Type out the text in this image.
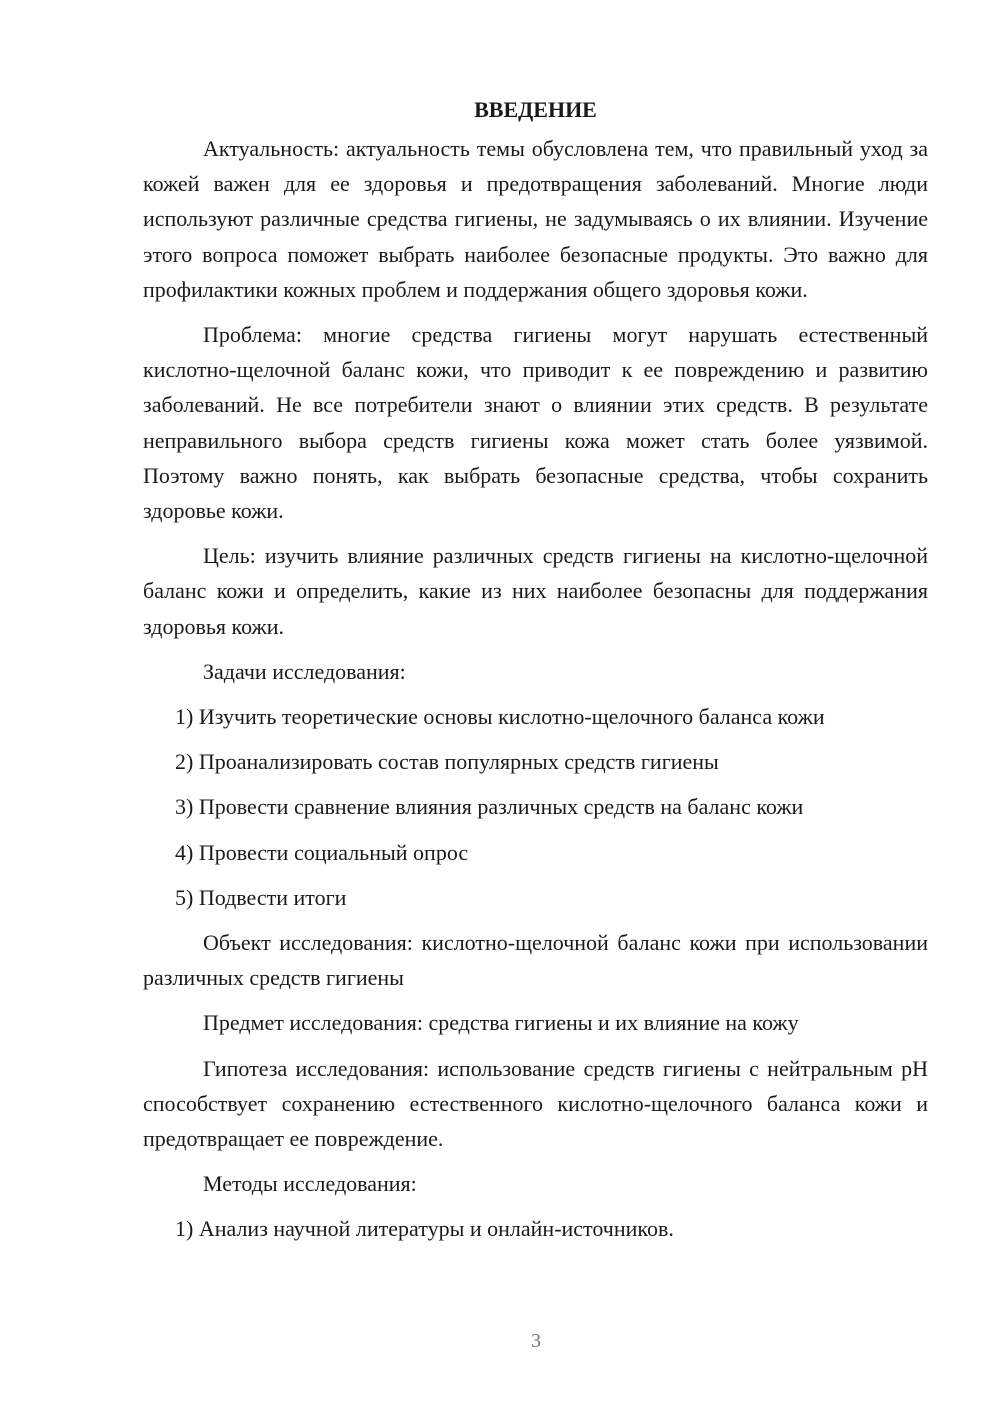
ВВЕДЕНИЕ

Актуальность: актуальность темы обусловлена тем, что правильный уход за кожей важен для ее здоровья и предотвращения заболеваний. Многие люди используют различные средства гигиены, не задумываясь о их влиянии. Изучение этого вопроса поможет выбрать наиболее безопасные продукты. Это важно для профилактики кожных проблем и поддержания общего здоровья кожи.

Проблема: многие средства гигиены могут нарушать естественный кислотно-щелочной баланс кожи, что приводит к ее повреждению и развитию заболеваний. Не все потребители знают о влиянии этих средств. В результате неправильного выбора средств гигиены кожа может стать более уязвимой. Поэтому важно понять, как выбрать безопасные средства, чтобы сохранить здоровье кожи.

Цель: изучить влияние различных средств гигиены на кислотно-щелочной баланс кожи и определить, какие из них наиболее безопасны для поддержания здоровья кожи.

Задачи исследования:

1) Изучить теоретические основы кислотно-щелочного баланса кожи

2) Проанализировать состав популярных средств гигиены

3) Провести сравнение влияния различных средств на баланс кожи

4) Провести социальный опрос

5) Подвести итоги

Объект исследования: кислотно-щелочной баланс кожи при использовании различных средств гигиены

Предмет исследования: средства гигиены и их влияние на кожу

Гипотеза исследования: использование средств гигиены с нейтральным pH способствует сохранению естественного кислотно-щелочного баланса кожи и предотвращает ее повреждение.

Методы исследования:

1) Анализ научной литературы и онлайн-источников.

3
